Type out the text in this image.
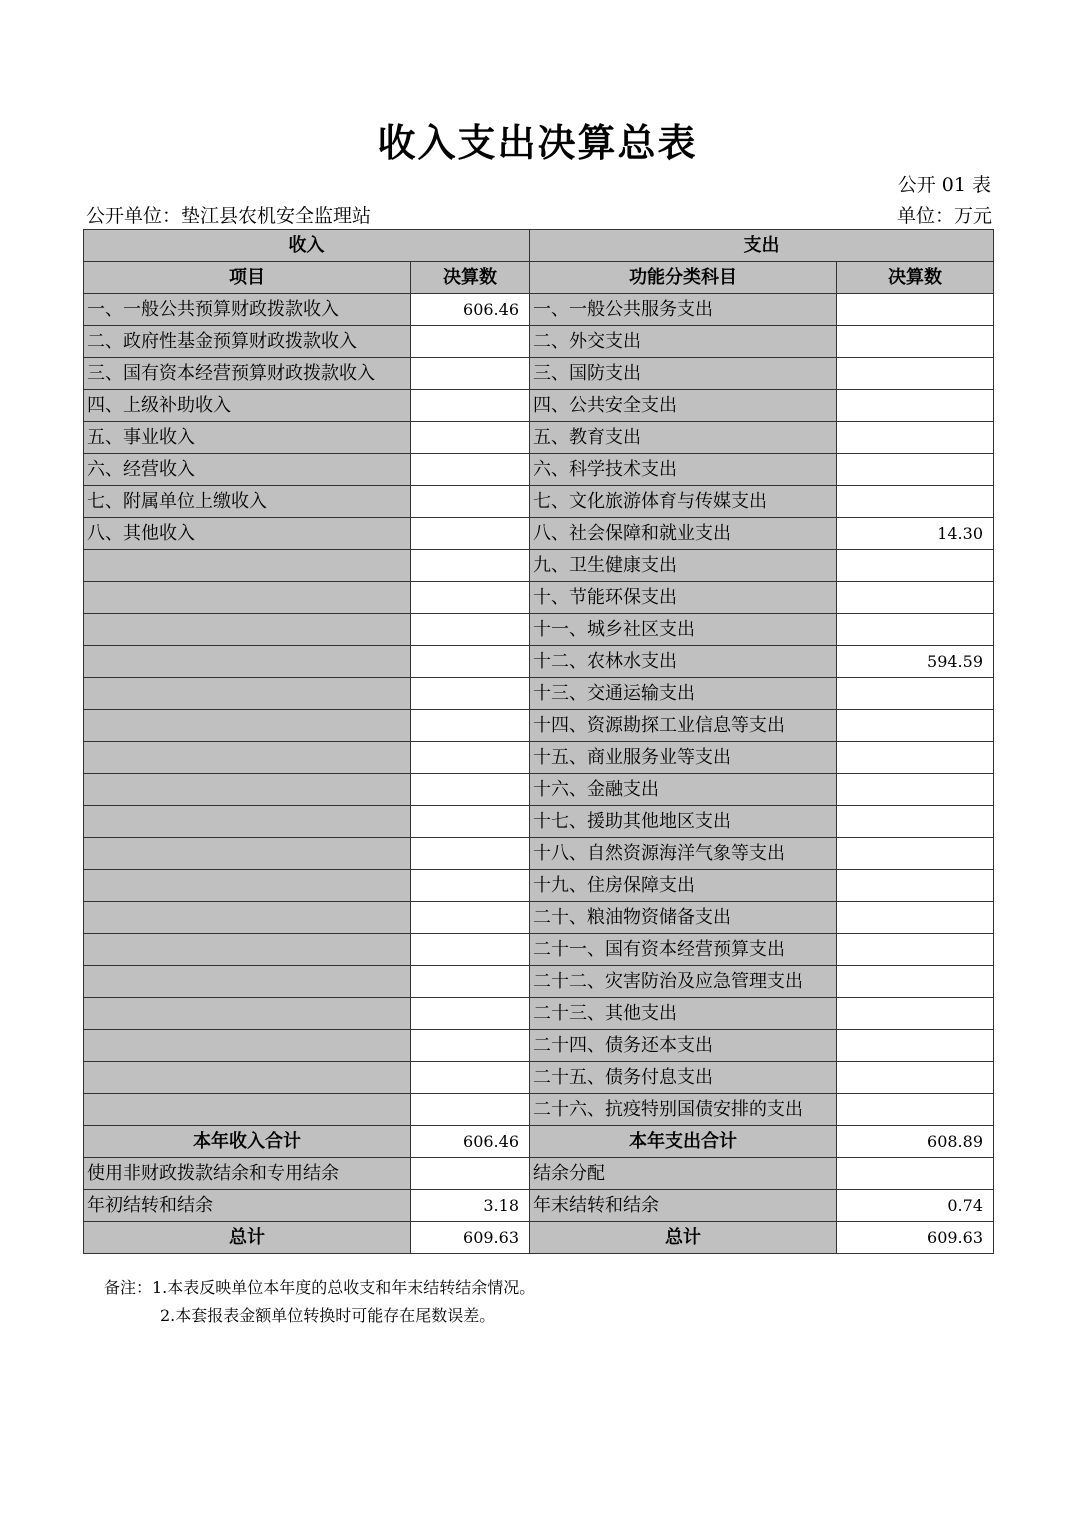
收入支出决算总表
公开 01 表
公开单位：垫江县农机安全监理站	单位：万元
收入		支出	
项目	决算数	功能分类科目	决算数
一、一般公共预算财政拨款收入	606.46	一、一般公共服务支出	
二、政府性基金预算财政拨款收入		二、外交支出	
三、国有资本经营预算财政拨款收入		三、国防支出	
四、上级补助收入		四、公共安全支出	
五、事业收入		五、教育支出	
六、经营收入		六、科学技术支出	
七、附属单位上缴收入		七、文化旅游体育与传媒支出	
八、其他收入		八、社会保障和就业支出	14.30
		九、卫生健康支出	
		十、节能环保支出	
		十一、城乡社区支出	
		十二、农林水支出	594.59
		十三、交通运输支出	
		十四、资源勘探工业信息等支出	
		十五、商业服务业等支出	
		十六、金融支出	
		十七、援助其他地区支出	
		十八、自然资源海洋气象等支出	
		十九、住房保障支出	
		二十、粮油物资储备支出	
		二十一、国有资本经营预算支出	
		二十二、灾害防治及应急管理支出	
		二十三、其他支出	
		二十四、债务还本支出	
		二十五、债务付息支出	
		二十六、抗疫特别国债安排的支出	
本年收入合计	606.46	本年支出合计	608.89
使用非财政拨款结余和专用结余		结余分配	
年初结转和结余	3.18	年末结转和结余	0.74
总计	609.63	总计	609.63
备注：1.本表反映单位本年度的总收支和年末结转结余情况。
2.本套报表金额单位转换时可能存在尾数误差。
